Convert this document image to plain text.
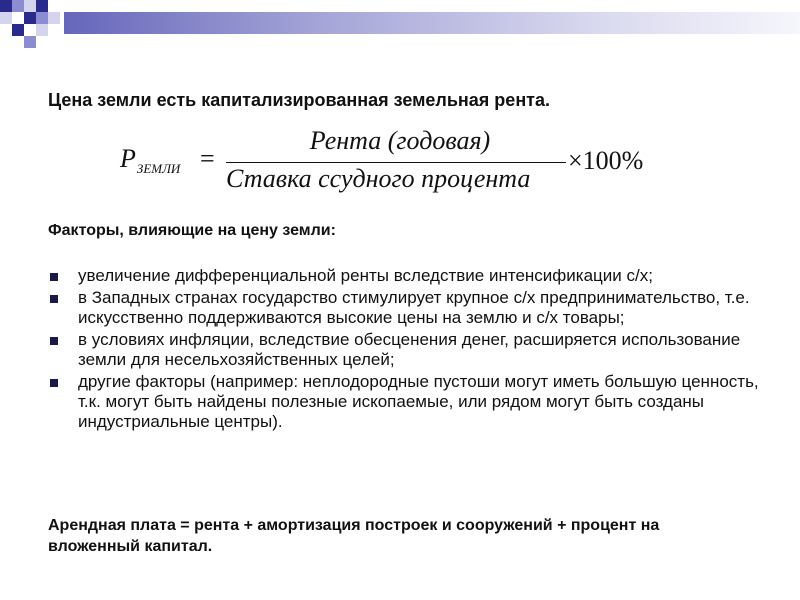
Цена земли есть капитализированная земельная рента.

$P_{ЗЕМЛИ}$ =
Рента (годовая)
Ставка ссудного процента
×100%

Факторы, влияющие на цену земли:

увеличение дифференциальной ренты вследствие интенсификации с/х;
в Западных странах государство стимулирует крупное с/х предпринимательство, т.е. искусственно поддерживаются высокие цены на землю и с/х товары;
в условиях инфляции, вследствие обесценения денег, расширяется использование земли для несельхозяйственных целей;
другие факторы (например: неплодородные пустоши могут иметь большую ценность, т.к. могут быть найдены полезные ископаемые, или рядом могут быть созданы индустриальные центры).

Арендная плата = рента + амортизация построек и сооружений + процент на вложенный капитал.
